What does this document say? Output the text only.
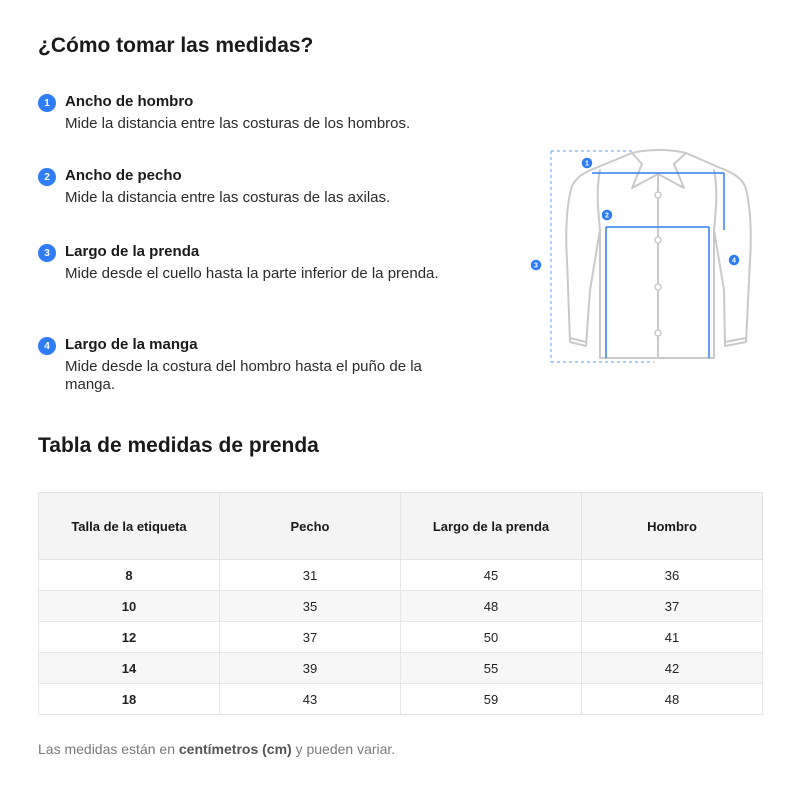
¿Cómo tomar las medidas?
1	Ancho de hombro
Mide la distancia entre las costuras de los hombros.
2	Ancho de pecho
Mide la distancia entre las costuras de las axilas.
3	Largo de la prenda
Mide desde el cuello hasta la parte inferior de la prenda.
4	Largo de la manga
Mide desde la costura del hombro hasta el puño de la manga.
1
2
3
4
Tabla de medidas de prenda
Talla de la etiqueta	Pecho	Largo de la prenda	Hombro
8	31	45	36
10	35	48	37
12	37	50	41
14	39	55	42
18	43	59	48
Las medidas están en centímetros (cm) y pueden variar.
